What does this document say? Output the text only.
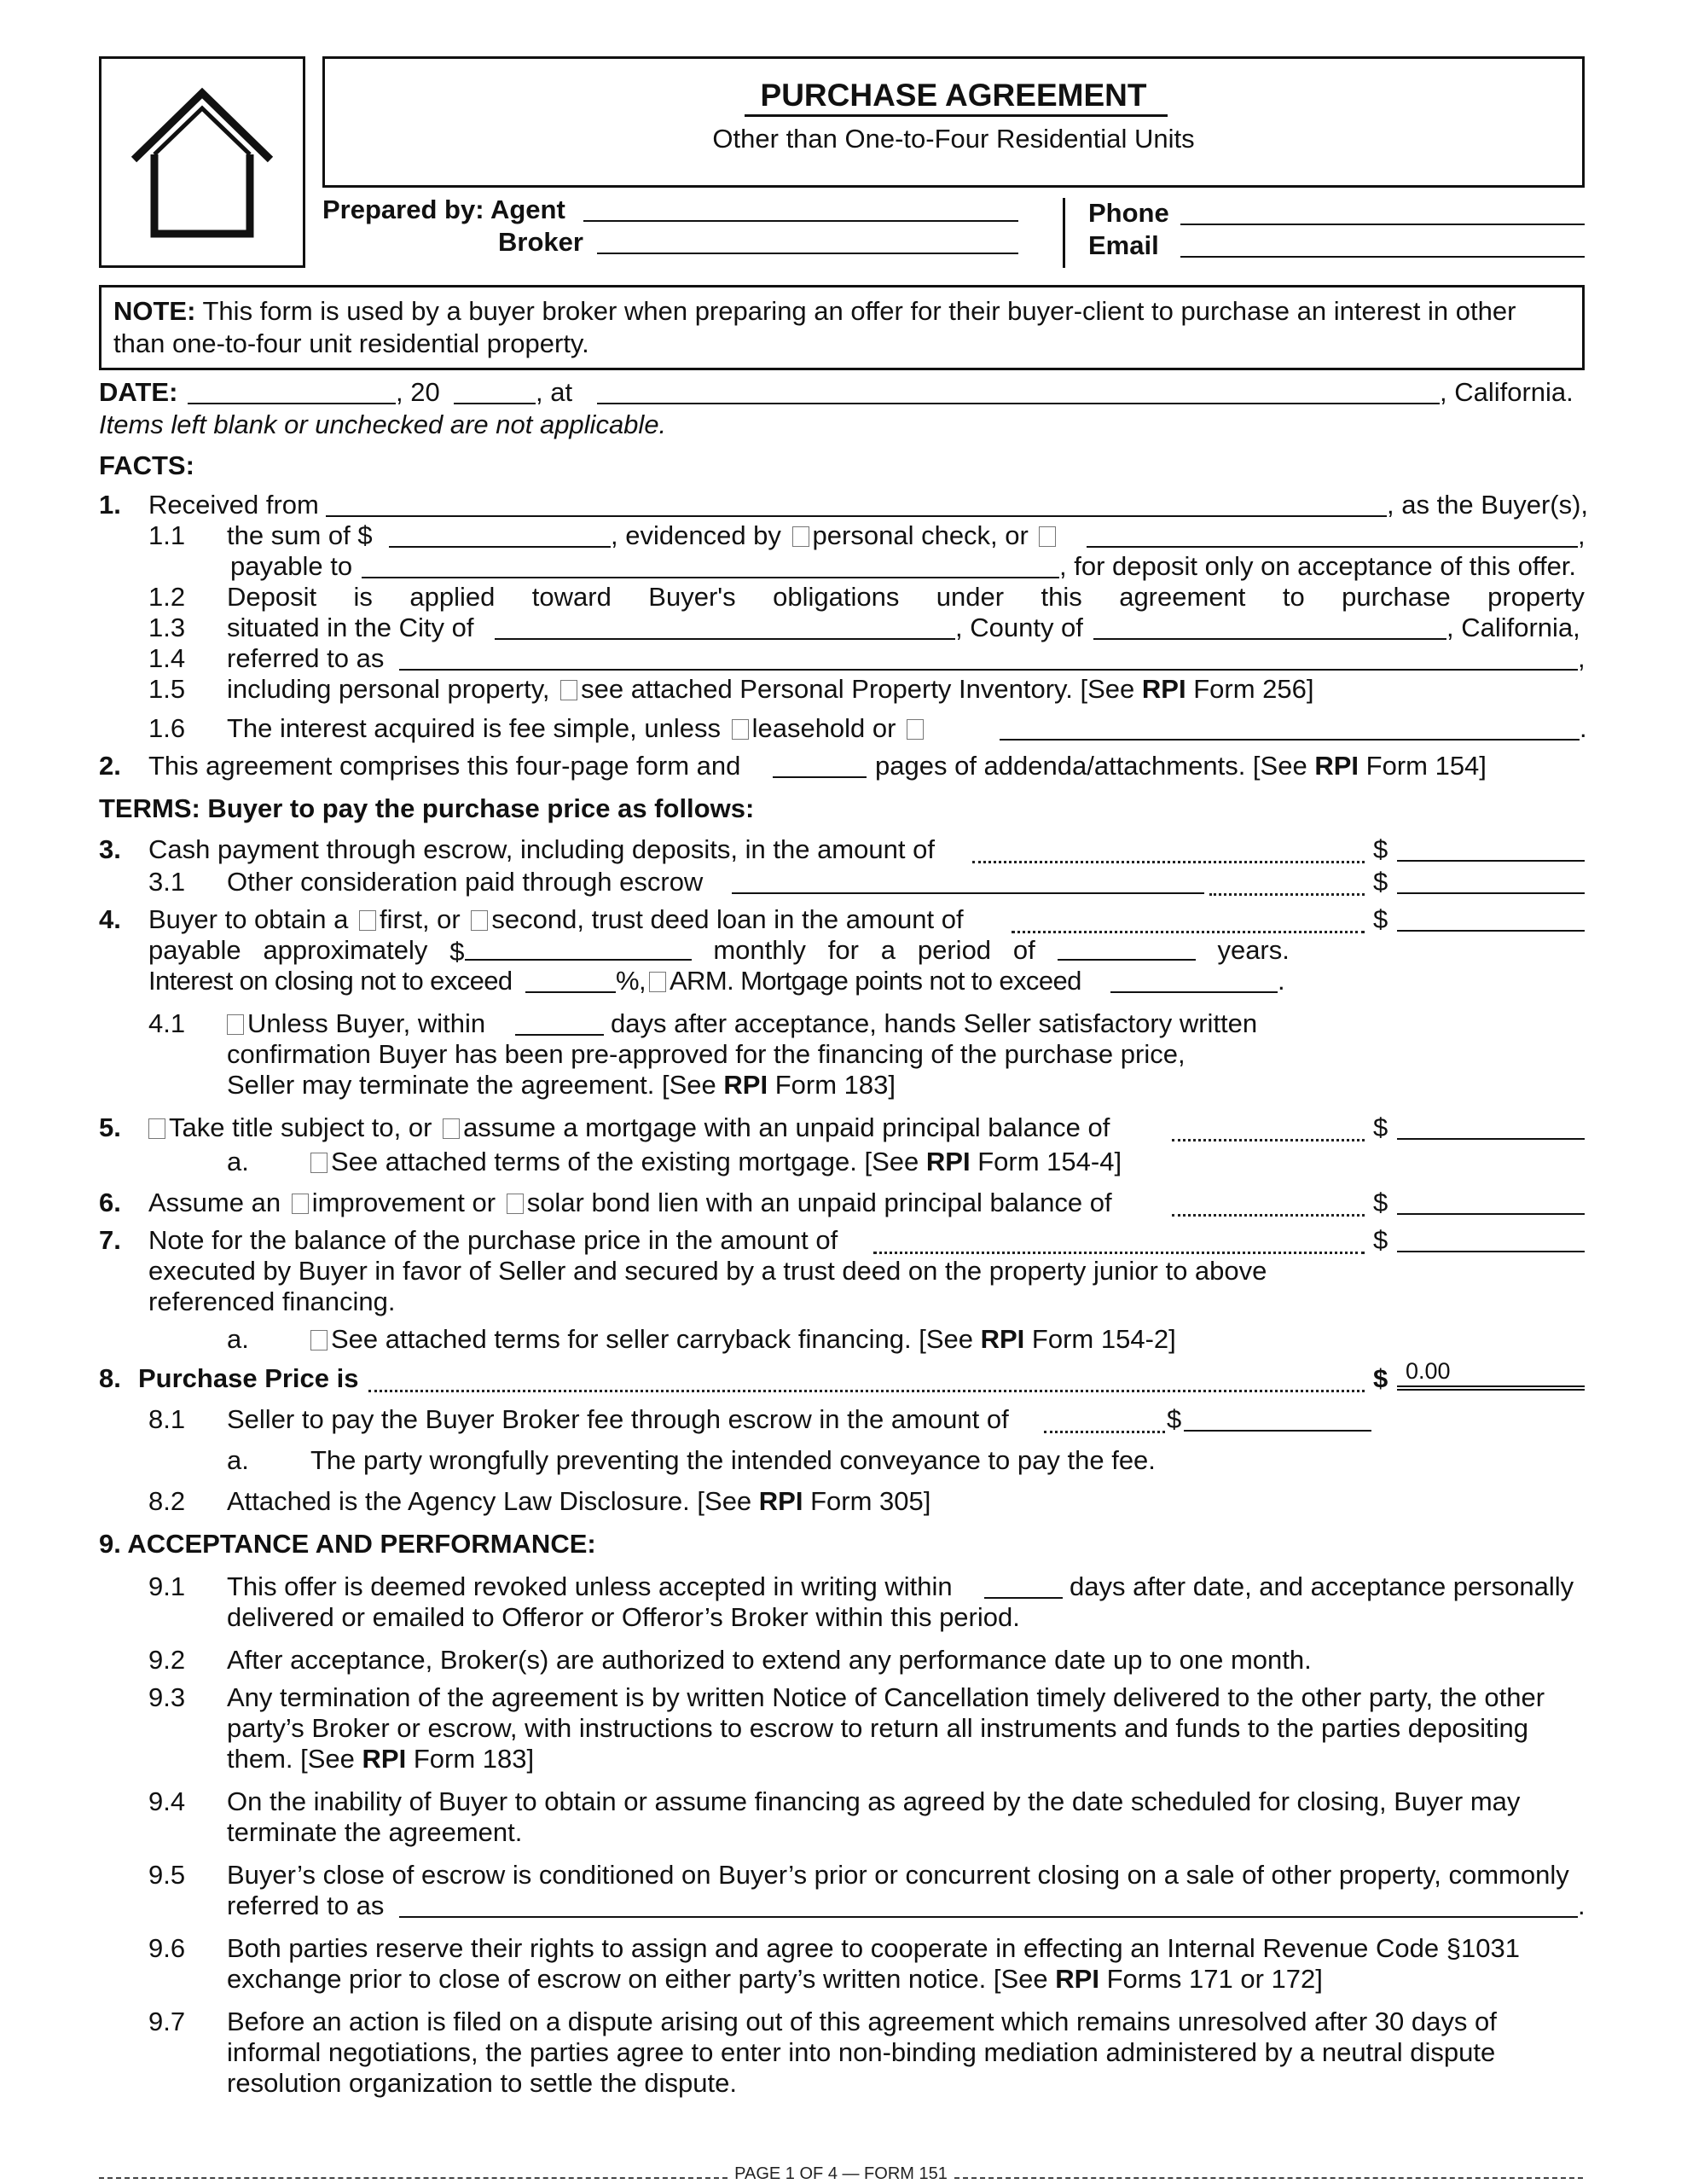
PURCHASE AGREEMENT
Other than One-to-Four Residential Units
Prepared by: Agent
Broker
Phone
Email
NOTE: This form is used by a buyer broker when preparing an offer for their buyer-client to purchase an interest in other
than one-to-four unit residential property.
DATE:	, 20	, at	, California.
Items left blank or unchecked are not applicable.
FACTS:
1. Received from	, as the Buyer(s),
1.1 the sum of $	, evidenced by personal check, or	,
payable to	, for deposit only on acceptance of this offer.
1.2 Deposit is applied toward Buyer's obligations under this agreement to purchase property
1.3 situated in the City of	, County of	, California,
1.4 referred to as	,
1.5 including personal property, see attached Personal Property Inventory. [See RPI Form 256]
1.6 The interest acquired is fee simple, unless leasehold or	.
2. This agreement comprises this four-page form and	pages of addenda/attachments. [See RPI Form 154]
TERMS: Buyer to pay the purchase price as follows:
3. Cash payment through escrow, including deposits, in the amount of	$
3.1 Other consideration paid through escrow	$
4. Buyer to obtain a first, or second, trust deed loan in the amount of	$
payable approximately $	monthly for a period of	years.
Interest on closing not to exceed	%, ARM. Mortgage points not to exceed	.
4.1	Unless Buyer, within	days after acceptance, hands Seller satisfactory written
confirmation Buyer has been pre-approved for the financing of the purchase price,
Seller may terminate the agreement. [See RPI Form 183]
5.	Take title subject to, or assume a mortgage with an unpaid principal balance of	$
a.	See attached terms of the existing mortgage. [See RPI Form 154-4]
6. Assume an improvement or solar bond lien with an unpaid principal balance of	$
7. Note for the balance of the purchase price in the amount of	$
executed by Buyer in favor of Seller and secured by a trust deed on the property junior to above
referenced financing.
a.	See attached terms for seller carryback financing. [See RPI Form 154-2]
8. Purchase Price is	$ 0.00
8.1 Seller to pay the Buyer Broker fee through escrow in the amount of	$
a. The party wrongfully preventing the intended conveyance to pay the fee.
8.2 Attached is the Agency Law Disclosure. [See RPI Form 305]
9. ACCEPTANCE AND PERFORMANCE:
9.1 This offer is deemed revoked unless accepted in writing within	days after date, and acceptance personally
delivered or emailed to Offeror or Offeror’s Broker within this period.
9.2 After acceptance, Broker(s) are authorized to extend any performance date up to one month.
9.3 Any termination of the agreement is by written Notice of Cancellation timely delivered to the other party, the other
party’s Broker or escrow, with instructions to escrow to return all instruments and funds to the parties depositing
them. [See RPI Form 183]
9.4 On the inability of Buyer to obtain or assume financing as agreed by the date scheduled for closing, Buyer may
terminate the agreement.
9.5 Buyer’s close of escrow is conditioned on Buyer’s prior or concurrent closing on a sale of other property, commonly
referred to as	.
9.6 Both parties reserve their rights to assign and agree to cooperate in effecting an Internal Revenue Code §1031
exchange prior to close of escrow on either party’s written notice. [See RPI Forms 171 or 172]
9.7 Before an action is filed on a dispute arising out of this agreement which remains unresolved after 30 days of
informal negotiations, the parties agree to enter into non-binding mediation administered by a neutral dispute
resolution organization to settle the dispute.
PAGE 1 OF 4 — FORM 151
